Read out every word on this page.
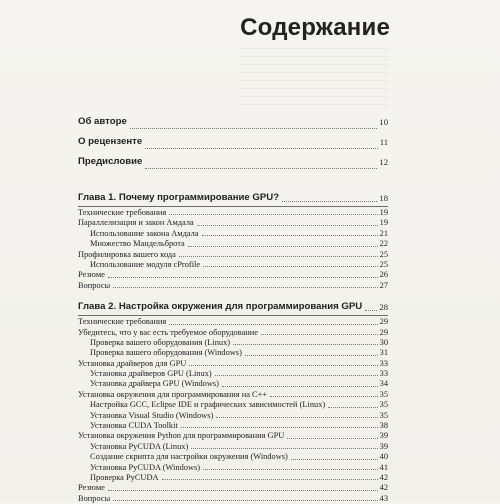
Содержание
Об авторе	10
О рецензенте	11
Предисловие	12
Глава 1. Почему программирование GPU?	18
Технические требования	19
Параллелизация и закон Амдала	19
Использование закона Амдала	21
Множество Мандельброта	22
Профилировка вашего кода	25
Использование модуля cProfile	25
Резюме	26
Вопросы	27
Глава 2. Настройка окружения для программирования GPU 28
Технические требования	29
Убедитесь, что у вас есть требуемое оборудование	29
Проверка вашего оборудования (Linux)	30
Проверка вашего оборудования (Windows)	31
Установка драйверов для GPU	33
Установка драйверов GPU (Linux)	33
Установка драйвера GPU (Windows)	34
Установка окружения для программирования на C++	35
Настройка GCC, Eclipse IDE и графических зависимостей (Linux)	35
Установка Visual Studio (Windows)	35
Установка CUDA Toolkit	38
Установка окружения Python для программирования GPU	39
Установка PyCUDA (Linux)	39
Создание скрипта для настройки окружения (Windows)	40
Установка PyCUDA (Windows)	41
Проверка PyCUDA	42
Резюме	42
Вопросы	43
